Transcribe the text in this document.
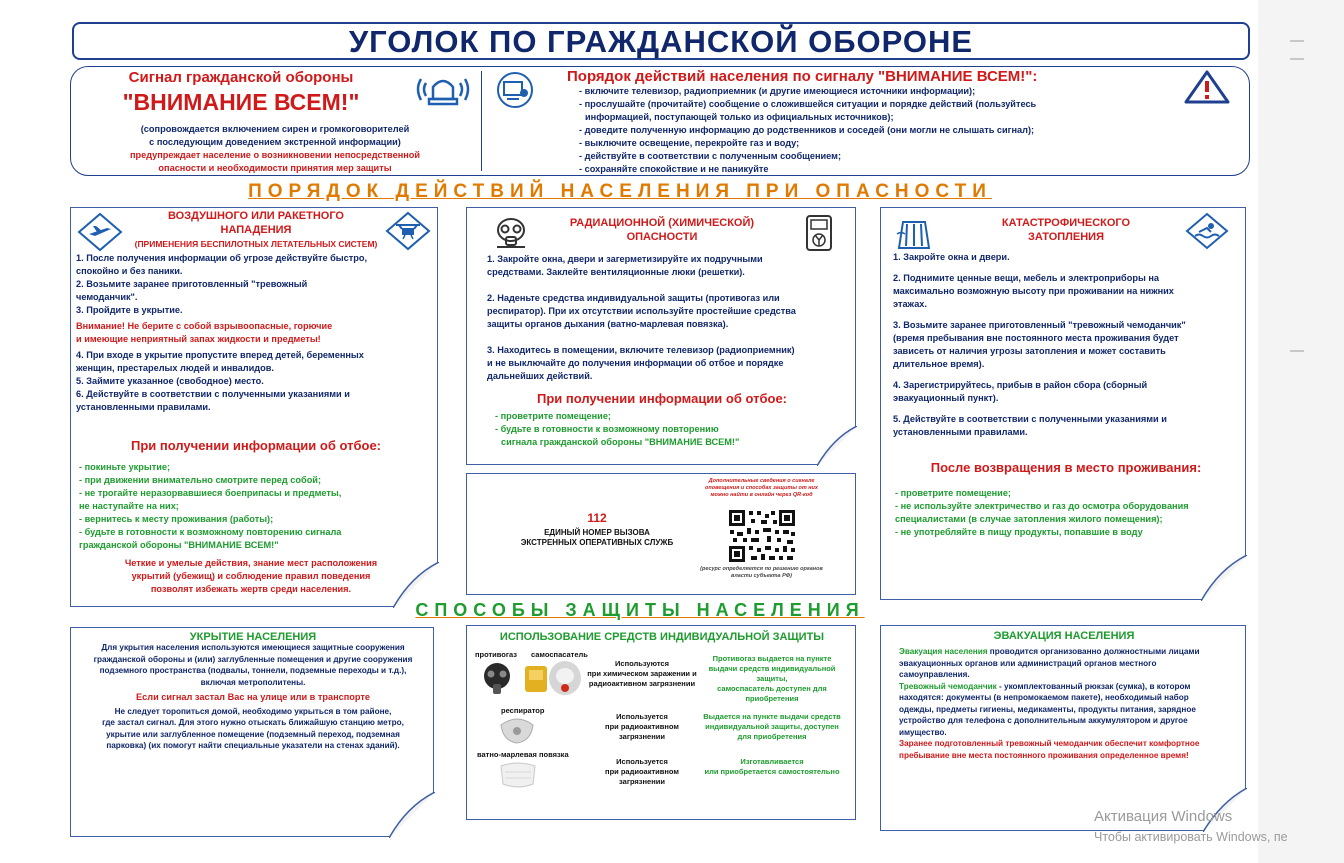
УГОЛОК ПО ГРАЖДАНСКОЙ ОБОРОНЕ
Сигнал гражданской обороны
"ВНИМАНИЕ ВСЕМ!"
(сопровождается включением сирен и громкоговорителей
с последующим доведением экстренной информации)
предупреждает население о возникновении непосредственной
опасности и необходимости принятия мер защиты
Порядок действий населения по сигналу "ВНИМАНИЕ ВСЕМ!":
- включите телевизор, радиоприемник (и другие имеющиеся источники информации);
- прослушайте (прочитайте) сообщение о сложившейся ситуации и порядке действий (пользуйтесь
информацией, поступающей только из официальных источников);
- доведите полученную информацию до родственников и соседей (они могли не слышать сигнал);
- выключите освещение, перекройте газ и воду;
- действуйте в соответствии с полученным сообщением;
- сохраняйте спокойствие и не паникуйте
ПОРЯДОК ДЕЙСТВИЙ НАСЕЛЕНИЯ ПРИ ОПАСНОСТИ
ВОЗДУШНОГО ИЛИ РАКЕТНОГО
НАПАДЕНИЯ
(ПРИМЕНЕНИЯ БЕСПИЛОТНЫХ ЛЕТАТЕЛЬНЫХ СИСТЕМ)

1. После получения информации об угрозе действуйте быстро,

спокойно и без паники.

2. Возьмите заранее приготовленный "тревожный

чемоданчик".

3. Пройдите в укрытие.

Внимание! Не берите с собой взрывоопасные, горючие

и имеющие неприятный запах жидкости и предметы!

4. При входе в укрытие пропустите вперед детей, беременных

женщин, престарелых людей и инвалидов.

5. Займите указанное (свободное) место.

6. Действуйте в соответствии с полученными указаниями и

установленными правилами.

При получении информации об отбое:

- покиньте укрытие;

- при движении внимательно смотрите перед собой;

- не трогайте неразорвавшиеся боеприпасы и предметы,

не наступайте на них;

- вернитесь к месту проживания (работы);

- будьте в готовности к возможному повторению сигнала

гражданской обороны "ВНИМАНИЕ ВСЕМ!"

Четкие и умелые действия, знание мест расположения

укрытий (убежищ) и соблюдение правил поведения

позволят избежать жертв среди населения.

РАДИАЦИОННОЙ (ХИМИЧЕСКОЙ)
ОПАСНОСТИ

1. Закройте окна, двери и загерметизируйте их подручными

средствами. Заклейте вентиляционные люки (решетки).

2. Наденьте средства индивидуальной защиты (противогаз или

респиратор). При их отсутствии используйте простейшие средства

защиты органов дыхания (ватно-марлевая повязка).

3. Находитесь в помещении, включите телевизор (радиоприемник)

и не выключайте до получения информации об отбое и порядке

дальнейших действий.

При получении информации об отбое:

- проветрите помещение;

- будьте в готовности к возможному повторению

сигнала гражданской обороны "ВНИМАНИЕ ВСЕМ!"

112
ЕДИНЫЙ НОМЕР ВЫЗОВА
ЭКСТРЕННЫХ ОПЕРАТИВНЫХ СЛУЖБ
Дополнительные сведения о сигнале оповещения и способах защиты от них можно найти в онлайн через QR-код
(ресурс определяется по решению органов власти субъекта РФ)
КАТАСТРОФИЧЕСКОГО
ЗАТОПЛЕНИЯ

1. Закройте окна и двери.

2. Поднимите ценные вещи, мебель и электроприборы на

максимально возможную высоту при проживании на нижних

этажах.

3. Возьмите заранее приготовленный "тревожный чемоданчик"

(время пребывания вне постоянного места проживания будет

зависеть от наличия угрозы затопления и может составить

длительное время).

4. Зарегистрируйтесь, прибыв в район сбора (сборный

эвакуационный пункт).

5. Действуйте в соответствии с полученными указаниями и

установленными правилами.

После возвращения в место проживания:

- проветрите помещение;

- не используйте электричество и газ до осмотра оборудования

специалистами (в случае затопления жилого помещения);

- не употребляйте в пищу продукты, попавшие в воду

СПОСОБЫ ЗАЩИТЫ НАСЕЛЕНИЯ
УКРЫТИЕ НАСЕЛЕНИЯ

Для укрытия населения используются имеющиеся защитные сооружения

гражданской обороны и (или) заглубленные помещения и другие сооружения

подземного пространства (подвалы, тоннели, подземные переходы и т.д.),

включая метрополитены.

Если сигнал застал Вас на улице или в транспорте

Не следует торопиться домой, необходимо укрыться в том районе,

где застал сигнал. Для этого нужно отыскать ближайшую станцию метро,

укрытие или заглубленное помещение (подземный переход, подземная

парковка) (их помогут найти специальные указатели на стенах зданий).

ИСПОЛЬЗОВАНИЕ СРЕДСТВ ИНДИВИДУАЛЬНОЙ ЗАЩИТЫ
противогаз самоспасатель
Используются
при химическом заражении и
радиоактивном загрязнении
Противогаз выдается на пункте
выдачи средств индивидуальной
защиты,
самоспасатель доступен для
приобретения
респиратор
Используется
при радиоактивном
загрязнении
Выдается на пункте выдачи средств
индивидуальной защиты, доступен
для приобретения
ватно-марлевая повязка
Используется
при радиоактивном
загрязнении
Изготавливается
или приобретается самостоятельно
ЭВАКУАЦИЯ НАСЕЛЕНИЯ

Эвакуация населения проводится организованно должностными лицами

эвакуационных органов или администраций органов местного

самоуправления.

Тревожный чемоданчик - укомплектованный рюкзак (сумка), в котором

находятся: документы (в непромокаемом пакете), необходимый набор

одежды, предметы гигиены, медикаменты, продукты питания, зарядное

устройство для телефона с дополнительным аккумулятором и другое

имущество.

Заранее подготовленный тревожный чемоданчик обеспечит комфортное

пребывание вне места постоянного проживания определенное время!

Активация Windows
Чтобы активировать Windows, пе
